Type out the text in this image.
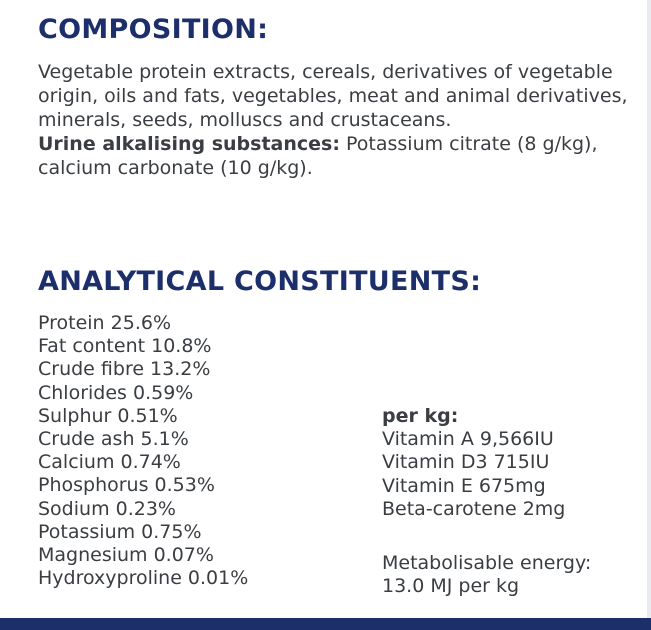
COMPOSITION:

Vegetable protein extracts, cereals, derivatives of vegetable origin, oils and fats, vegetables, meat and animal derivatives, minerals, seeds, molluscs and crustaceans.

Urine alkalising substances: Potassium citrate (8 g/kg), calcium carbonate (10 g/kg).

ANALYTICAL CONSTITUENTS:
Protein 25.6%
Fat content 10.8%
Crude fibre 13.2%
Chlorides 0.59%
Sulphur 0.51%
Crude ash 5.1%
Calcium 0.74%
Phosphorus 0.53%
Sodium 0.23%
Potassium 0.75%
Magnesium 0.07%
Hydroxyproline 0.01%
per kg:
Vitamin A 9,566IU
Vitamin D3 715IU
Vitamin E 675mg
Beta-carotene 2mg
Metabolisable energy:
13.0 MJ per kg
